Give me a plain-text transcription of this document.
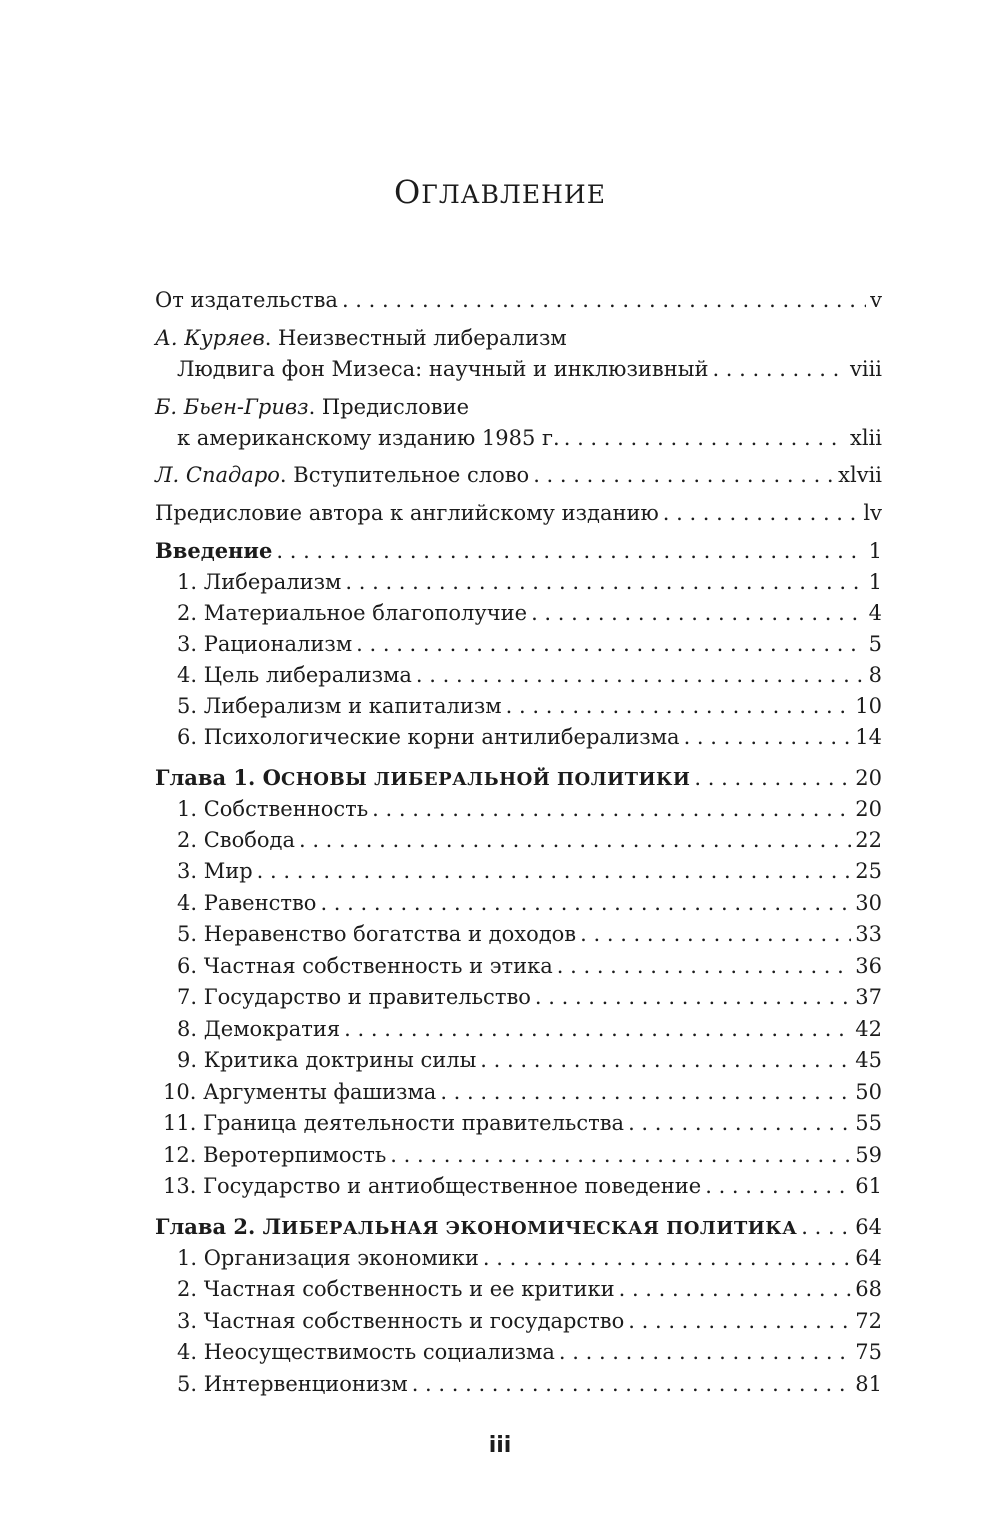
ОГЛАВЛЕНИЕ
От издательства . . .	v
А. Куряев. Неизвестный либерализм
Людвига фон Мизеса: научный и инклюзивный . . .	viii
Б. Бьен-Гривз. Предисловие
к американскому изданию 1985 г. . . .	xlii
Л. Спадаро. Вступительное слово . . .	xlvii
Предисловие автора к английскому изданию . . .	lv
Введение . . .	1
1. Либерализм . . .	1
2. Материальное благополучие . . .	4
3. Рационализм . . .	5
4. Цель либерализма . . .	8
5. Либерализм и капитализм . . .	10
6. Психологические корни антилиберализма . . .	14
Глава 1. ОСНОВЫ ЛИБЕРАЛЬНОЙ ПОЛИТИКИ . . .	20
1. Собственность . . .	20
2. Свобода . . .	22
3. Мир . . .	25
4. Равенство . . .	30
5. Неравенство богатства и доходов . . .	33
6. Частная собственность и этика . . .	36
7. Государство и правительство . . .	37
8. Демократия . . .	42
9. Критика доктрины силы . . .	45
10. Аргументы фашизма . . .	50
11. Граница деятельности правительства . . .	55
12. Веротерпимость . . .	59
13. Государство и антиобщественное поведение . . .	61
Глава 2. ЛИБЕРАЛЬНАЯ ЭКОНОМИЧЕСКАЯ ПОЛИТИКА . . .	64
1. Организация экономики . . .	64
2. Частная собственность и ее критики . . .	68
3. Частная собственность и государство . . .	72
4. Неосуществимость социализма . . .	75
5. Интервенционизм . . .	81
iii
